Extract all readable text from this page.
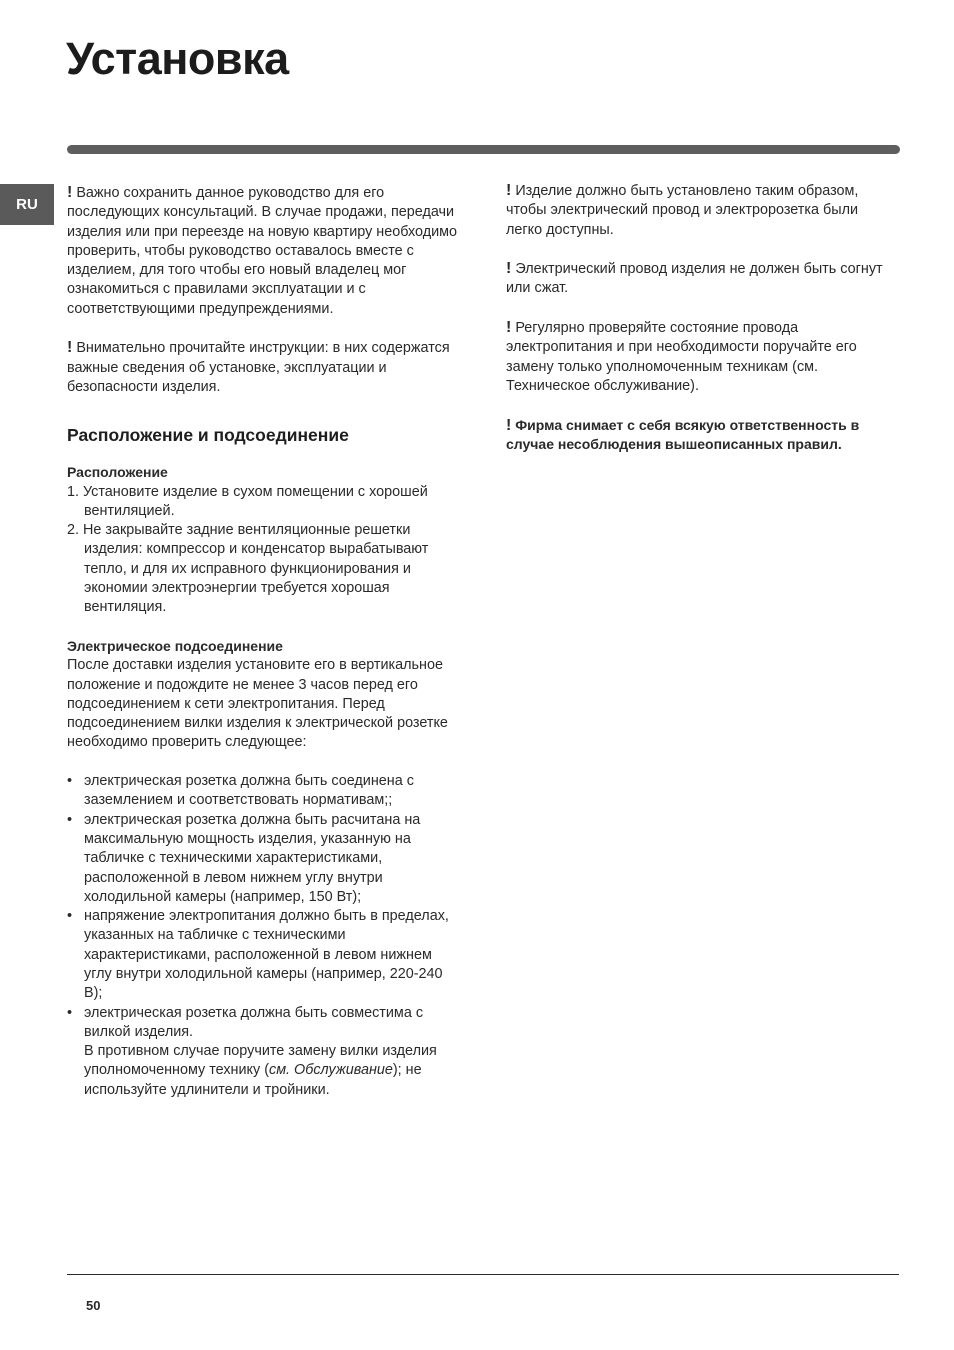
Установка
RU

! Важно сохранить данное руководство для его последующих консультаций. В случае продажи, передачи изделия или при переезде на новую квартиру необходимо проверить, чтобы руководство оставалось вместе с изделием, для того чтобы его новый владелец мог ознакомиться с правилами эксплуатации и с соответствующими предупреждениями.

! Внимательно прочитайте инструкции: в них содержатся важные сведения об установке, эксплуатации и безопасности изделия.

Расположение и подсоединение
Расположение
1. Установите изделие в сухом помещении с хорошей вентиляцией.
2. Не закрывайте задние вентиляционные решетки изделия: компрессор и конденсатор вырабатывают тепло, и для их исправного функционирования и экономии электроэнергии требуется хорошая вентиляция.
Электрическое подсоединение

После доставки изделия установите его в вертикальное положение и подождите не менее 3 часов перед его подсоединением к сети электропитания. Перед подсоединением вилки изделия к электрической розетке необходимо проверить следующее:

• электрическая розетка должна быть соединена с заземлением и соответствовать нормативам;;
• электрическая розетка должна быть расчитана на максимальную мощность изделия, указанную на табличке с техническими характеристиками, расположенной в левом нижнем углу внутри холодильной камеры (например, 150 Вт);
• напряжение электропитания должно быть в пределах, указанных на табличке с техническими характеристиками, расположенной в левом нижнем углу внутри холодильной камеры (например, 220-240 В);
• электрическая розетка должна быть совместима с вилкой изделия.
В противном случае поручите замену вилки изделия уполномоченному технику (см. Обслуживание); не используйте удлинители и тройники.

! Изделие должно быть установлено таким образом, чтобы электрический провод и электророзетка были легко доступны.

! Электрический провод изделия не должен быть согнут или сжат.

! Регулярно проверяйте состояние провода электропитания и при необходимости поручайте его замену только уполномоченным техникам (см. Техническое обслуживание).

! Фирма снимает с себя всякую ответственность в случае несоблюдения вышеописанных правил.

50
